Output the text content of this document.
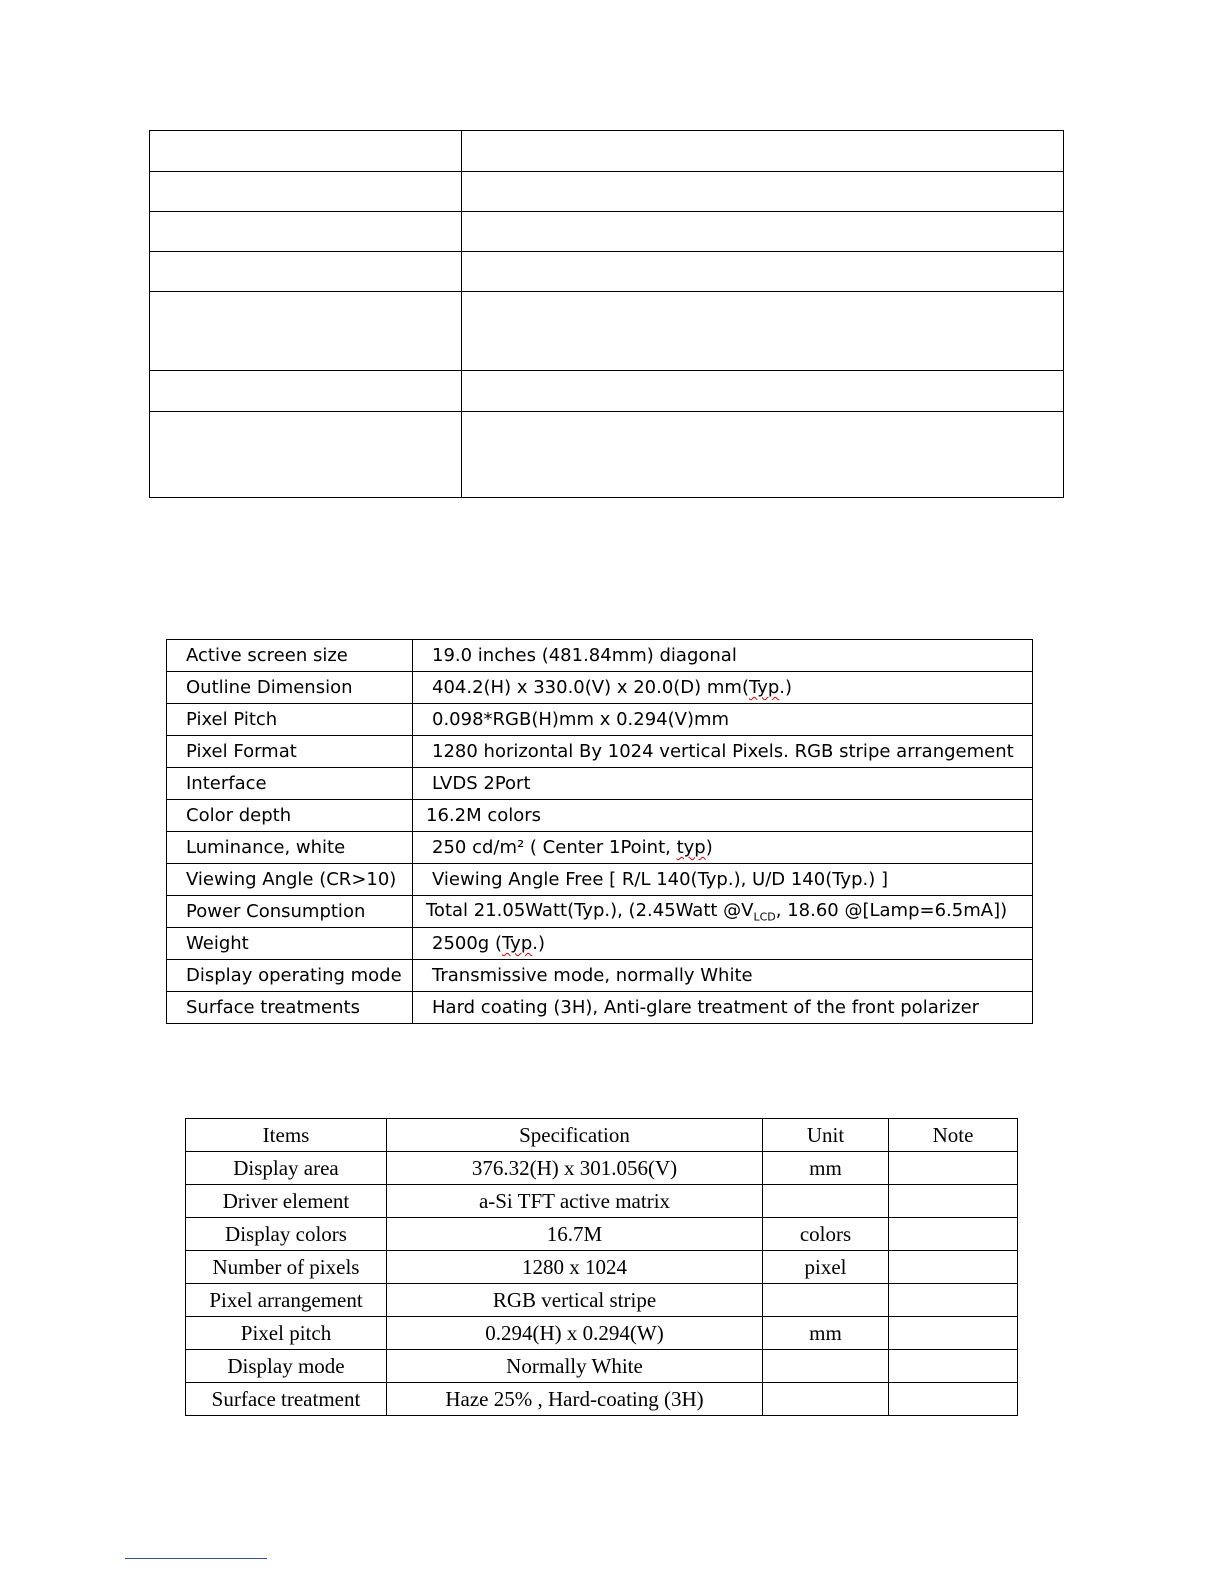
Active screen size	19.0 inches (481.84mm) diagonal
Outline Dimension	404.2(H) x 330.0(V) x 20.0(D) mm(Typ.)
Pixel Pitch	0.098*RGB(H)mm x 0.294(V)mm
Pixel Format	1280 horizontal By 1024 vertical Pixels. RGB stripe arrangement
Interface	LVDS 2Port
Color depth	16.2M colors
Luminance, white	250 cd/m² ( Center 1Point, typ)
Viewing Angle (CR>10)	Viewing Angle Free [ R/L 140(Typ.), U/D 140(Typ.) ]
Power Consumption	Total 21.05Watt(Typ.), (2.45Watt $@V_{LCD}$, 18.60 @[Lamp=6.5mA])
Weight	2500g (Typ.)
Display operating mode	Transmissive mode, normally White
Surface treatments	Hard coating (3H), Anti-glare treatment of the front polarizer
Items	Specification	Unit	Note
Display area	376.32(H) x 301.056(V)	mm	
Driver element	a-Si TFT active matrix		
Display colors	16.7M	colors	
Number of pixels	1280 x 1024	pixel	
Pixel arrangement	RGB vertical stripe		
Pixel pitch	0.294(H) x 0.294(W)	mm	
Display mode	Normally White		
Surface treatment	Haze 25% , Hard-coating (3H)		
